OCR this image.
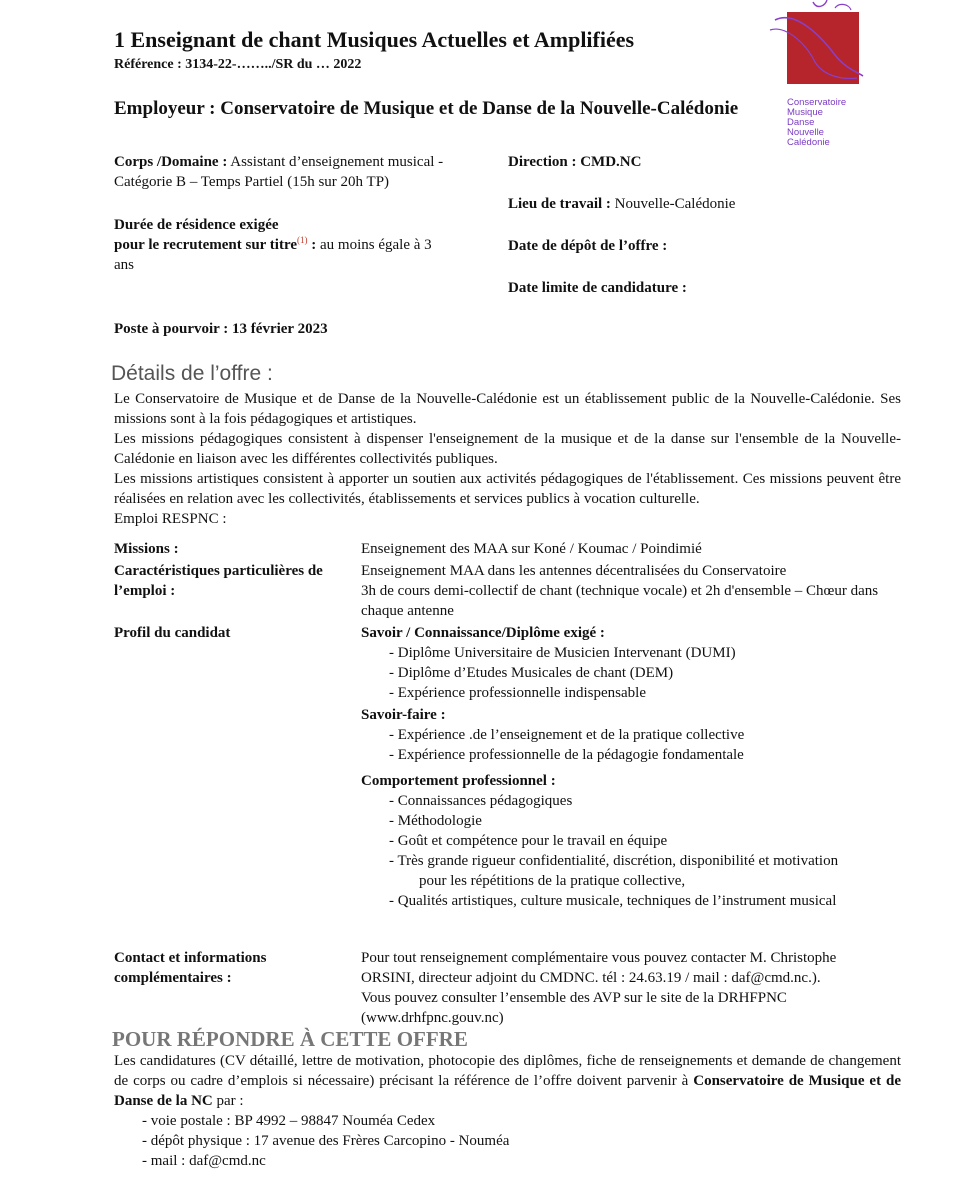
1 Enseignant de chant Musiques Actuelles et Amplifiées
Référence : 3134-22-……../SR du … 2022
Employeur : Conservatoire de Musique et de Danse de la Nouvelle-Calédonie	Conservatoire
Musique
Danse
Nouvelle
Calédonie
Corps /Domaine : Assistant d’enseignement musical - Catégorie B – Temps Partiel (15h sur 20h TP)
Durée de résidence exigée
pour le recrutement sur titre$^{(1)}$ : au moins égale à 3 ans
Poste à pourvoir : 13 février 2023
Direction : CMD.NC
Lieu de travail : Nouvelle-Calédonie
Date de dépôt de l’offre :
Date limite de candidature :
Détails de l’offre :

Le Conservatoire de Musique et de Danse de la Nouvelle-Calédonie est un établissement public de la Nouvelle-Calédonie. Ses missions sont à la fois pédagogiques et artistiques.

Les missions pédagogiques consistent à dispenser l'enseignement de la musique et de la danse sur l'ensemble de la Nouvelle-Calédonie en liaison avec les différentes collectivités publiques.

Les missions artistiques consistent à apporter un soutien aux activités pédagogiques de l'établissement. Ces missions peuvent être réalisées en relation avec les collectivités, établissements et services publics à vocation culturelle.

Emploi RESPNC :

Missions :	Enseignement des MAA sur Koné / Koumac / Poindimié
Caractéristiques particulières de l’emploi :
Enseignement MAA dans les antennes décentralisées du Conservatoire
3h de cours demi-collectif de chant (technique vocale) et 2h d'ensemble – Chœur dans chaque antenne
Profil du candidat	Savoir / Connaissance/Diplôme exigé :
- Diplôme Universitaire de Musicien Intervenant (DUMI)
- Diplôme d’Etudes Musicales de chant (DEM)
- Expérience professionnelle indispensable
Savoir-faire :
- Expérience .de l’enseignement et de la pratique collective
- Expérience professionnelle de la pédagogie fondamentale
Comportement professionnel :
- Connaissances pédagogiques
- Méthodologie
- Goût et compétence pour le travail en équipe
- Très grande rigueur confidentialité, discrétion, disponibilité et motivation
pour les répétitions de la pratique collective,
- Qualités artistiques, culture musicale, techniques de l’instrument musical
Contact et informations complémentaires :
Pour tout renseignement complémentaire vous pouvez contacter M. Christophe ORSINI, directeur adjoint du CMDNC. tél : 24.63.19 / mail : daf@cmd.nc.).
Vous pouvez consulter l’ensemble des AVP sur le site de la DRHFPNC (www.drhfpnc.gouv.nc)
POUR RÉPONDRE À CETTE OFFRE

Les candidatures (CV détaillé, lettre de motivation, photocopie des diplômes, fiche de renseignements et demande de changement de corps ou cadre d’emplois si nécessaire) précisant la référence de l’offre doivent parvenir à Conservatoire de Musique et de Danse de la NC par :

- voie postale : BP 4992 – 98847 Nouméa Cedex
- dépôt physique : 17 avenue des Frères Carcopino - Nouméa
- mail : daf@cmd.nc
